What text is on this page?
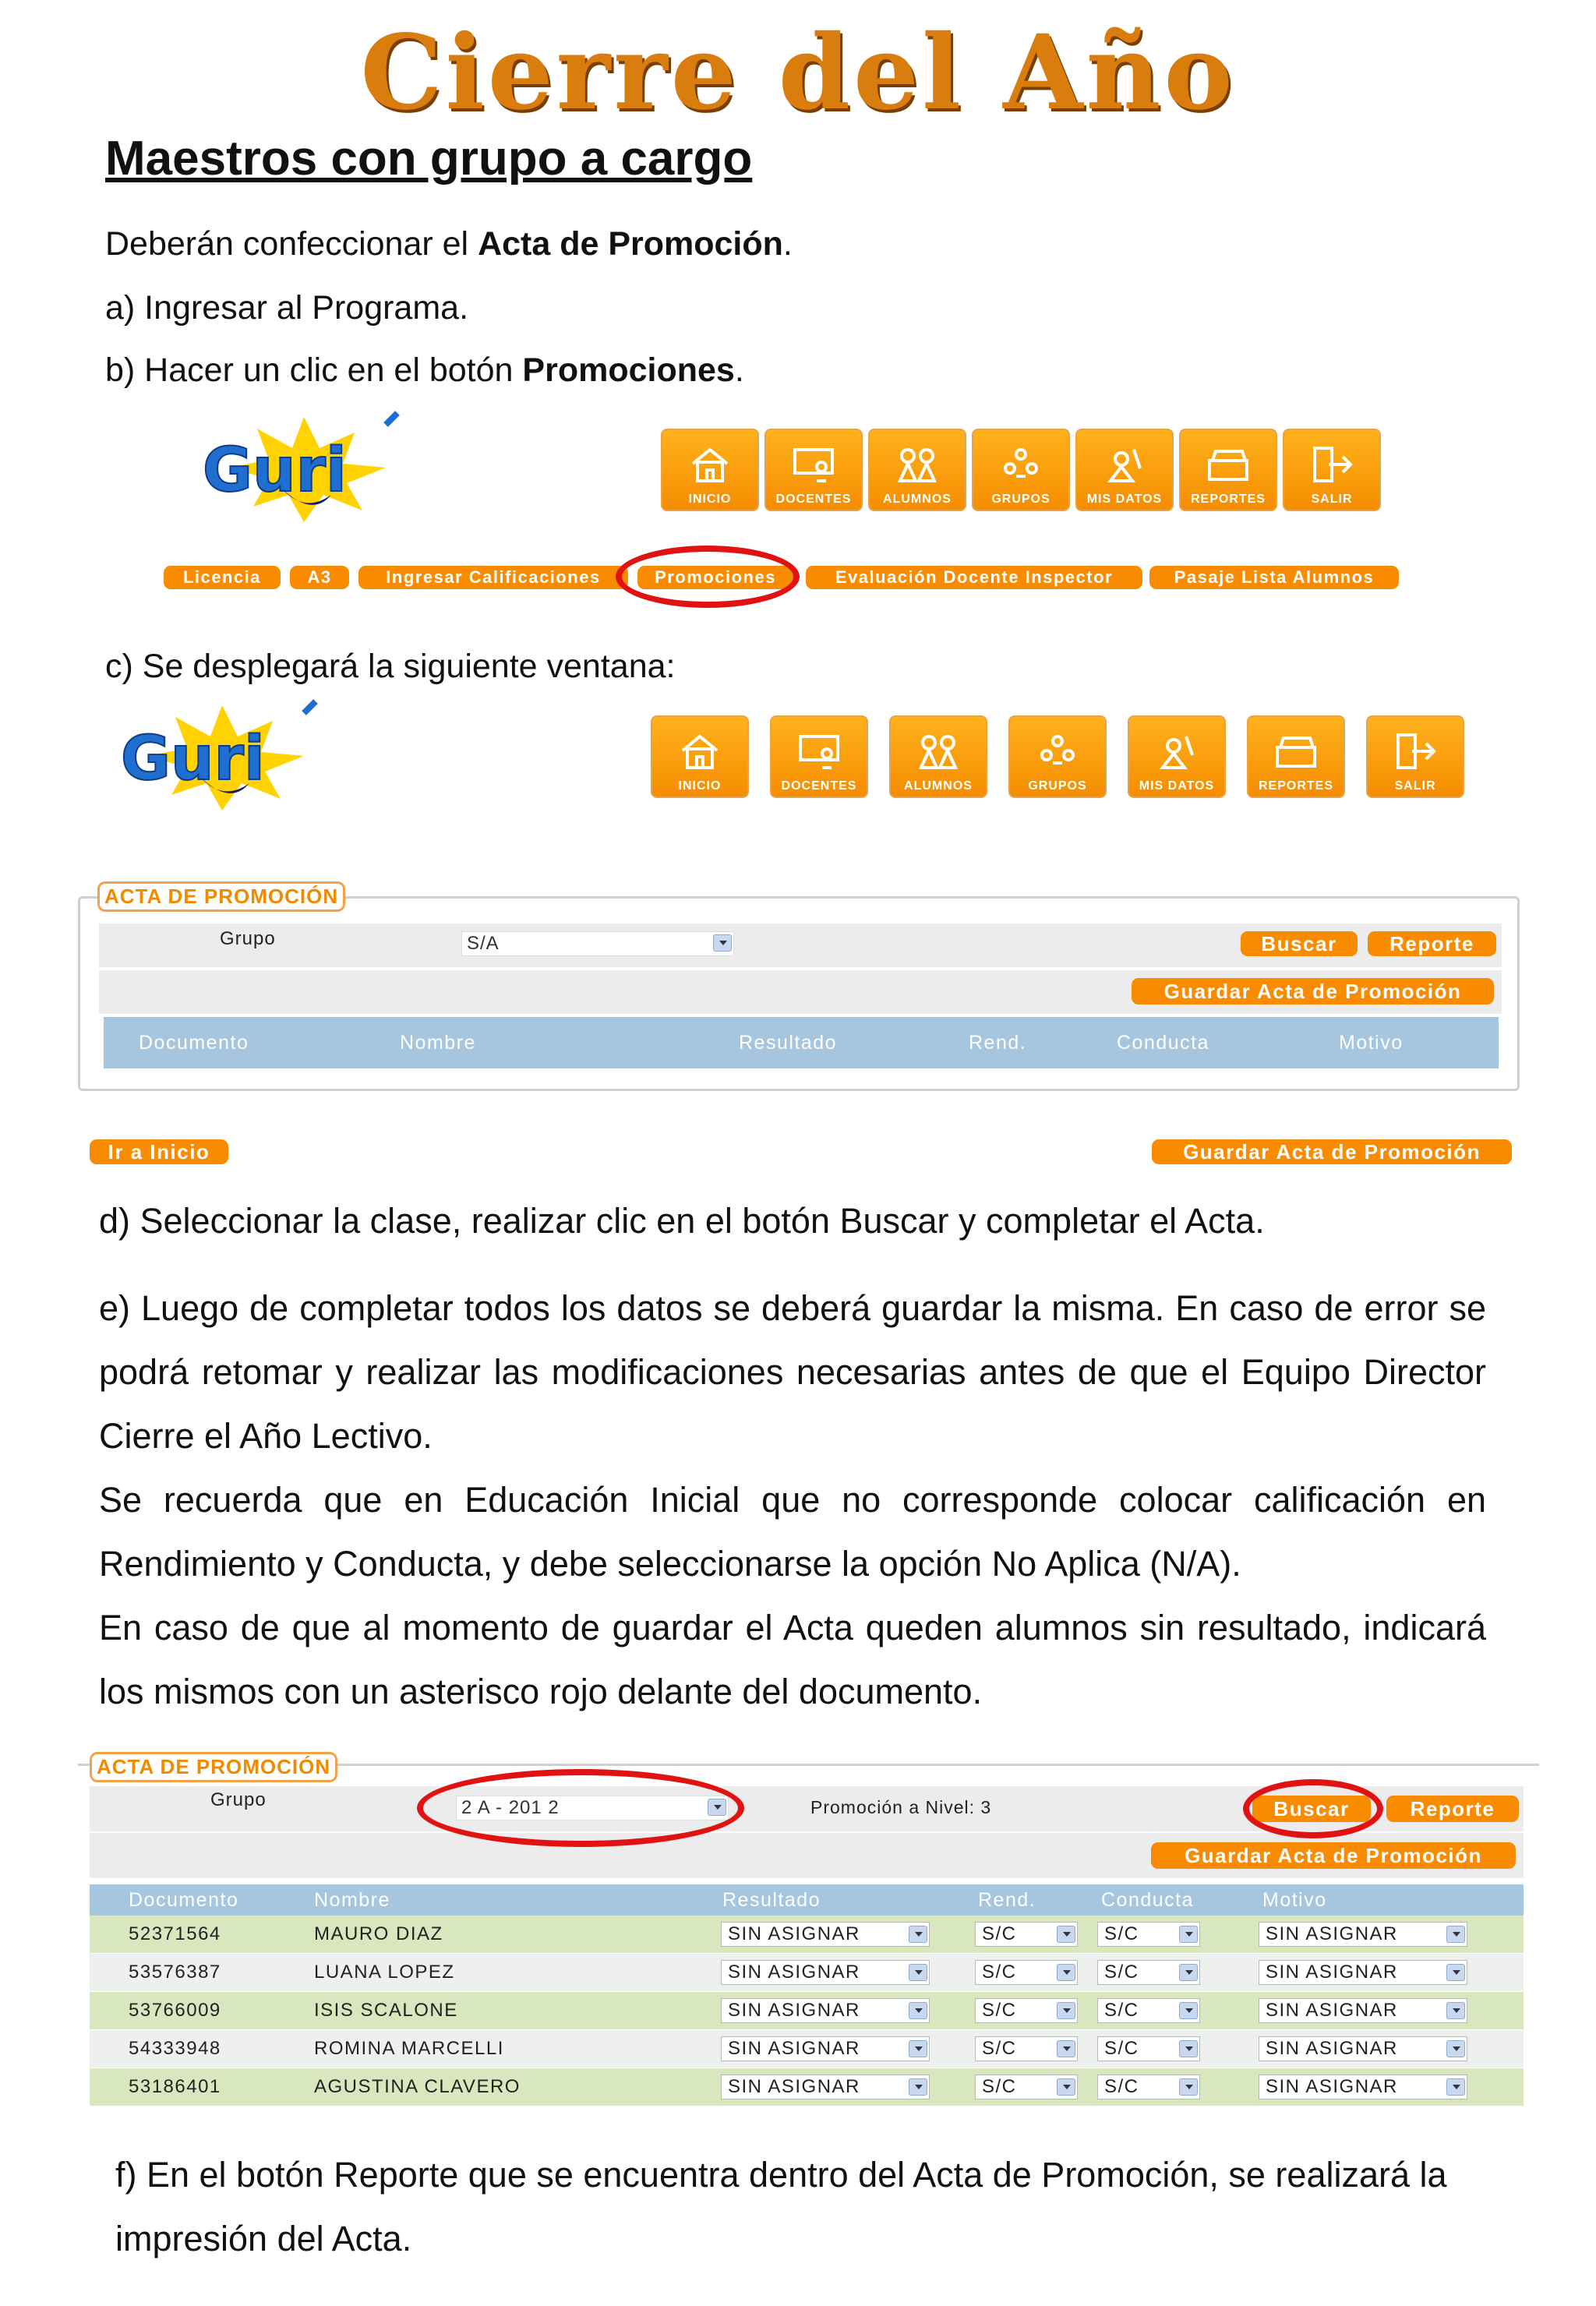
Cierre del Año
Maestros con grupo a cargo
Deberán confeccionar el Acta de Promoción.
a) Ingresar al Programa.
b) Hacer un clic en el botón Promociones.
Guri	INICIO	DOCENTES	ALUMNOS	GRUPOS	MIS DATOS REPORTES	SALIR
Licencia	A3	Ingresar Calificaciones	Promociones	Evaluación Docente Inspector	Pasaje Lista Alumnos
c) Se desplegará la siguiente ventana:
Guri	INICIO	DOCENTES	ALUMNOS	GRUPOS	MIS DATOS	REPORTES	SALIR
ACTA DE PROMOCIÓN
Grupo	S/A	Buscar	Reporte
Guardar Acta de Promoción
Documento	Nombre	Resultado	Rend.	Conducta	Motivo
Ir a Inicio	Guardar Acta de Promoción
d) Seleccionar la clase, realizar clic en el botón Buscar y completar el Acta.
e) Luego de completar todos los datos se deberá guardar la misma. En caso de error se podrá retomar y realizar las modificaciones necesarias antes de que el Equipo Director Cierre el Año Lectivo.
Se recuerda que en Educación Inicial que no corresponde colocar calificación en Rendimiento y Conducta, y debe seleccionarse la opción No Aplica (N/A).
En caso de que al momento de guardar el Acta queden alumnos sin resultado, indicará los mismos con un asterisco rojo delante del documento.
ACTA DE PROMOCIÓN
Grupo	2 A - 201 2	Promoción a Nivel: 3	Buscar	Reporte
Guardar Acta de Promoción
Documento	Nombre	Resultado	Rend.	Conducta	Motivo
52371564	MAURO DIAZ	SIN ASIGNAR	S/C	S/C	SIN ASIGNAR
53576387	LUANA LOPEZ	SIN ASIGNAR	S/C	S/C	SIN ASIGNAR
53766009	ISIS SCALONE	SIN ASIGNAR	S/C	S/C	SIN ASIGNAR
54333948	ROMINA MARCELLI	SIN ASIGNAR	S/C	S/C	SIN ASIGNAR
53186401	AGUSTINA CLAVERO	SIN ASIGNAR	S/C	S/C	SIN ASIGNAR
f) En el botón Reporte que se encuentra dentro del Acta de Promoción, se realizará la impresión del Acta.
